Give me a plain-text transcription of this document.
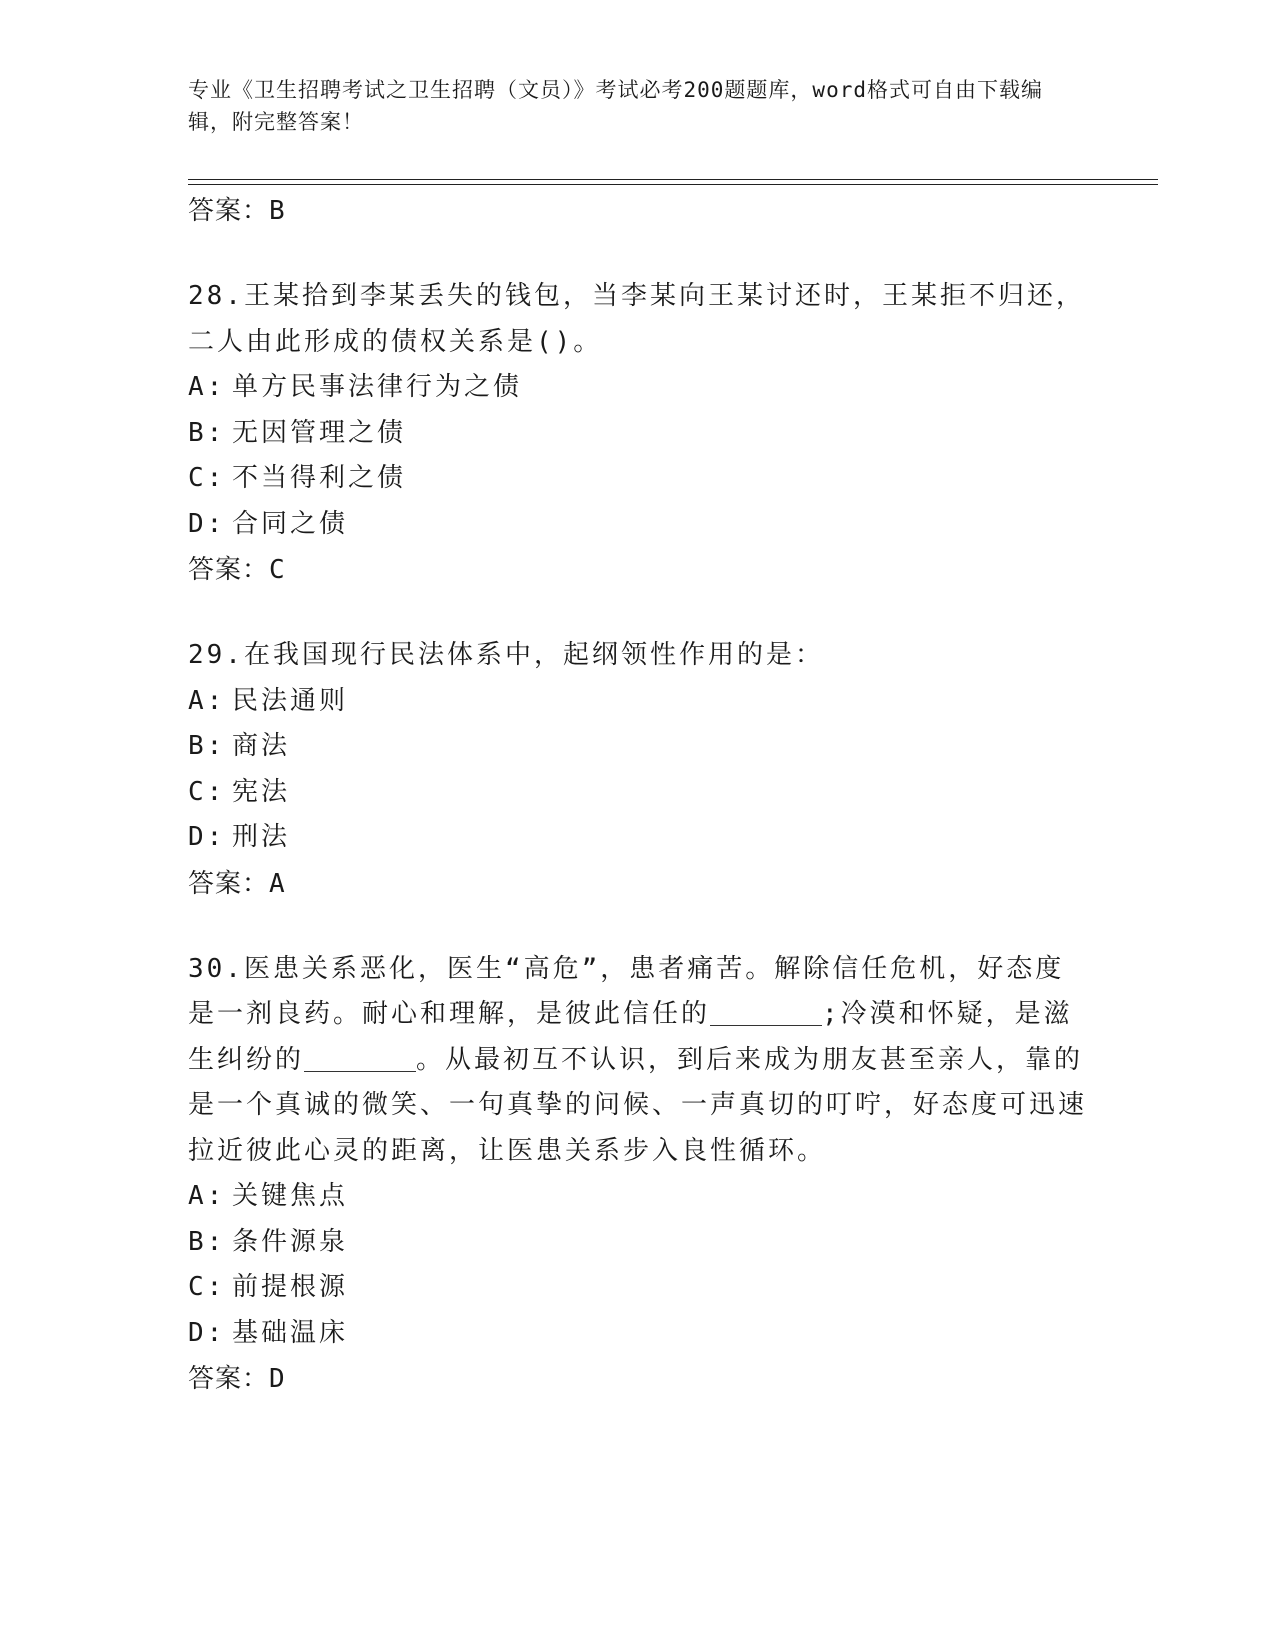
专业《卫生招聘考试之卫生招聘（文员）》考试必考200题题库，word格式可自由下载编辑，附完整答案！
答案：B
28.王某拾到李某丢失的钱包，当李某向王某讨还时，王某拒不归还，二人由此形成的债权关系是()。
A: 单方民事法律行为之债
B: 无因管理之债
C: 不当得利之债
D: 合同之债
答案：C
29.在我国现行民法体系中，起纲领性作用的是：
A: 民法通则
B: 商法
C: 宪法
D: 刑法
答案：A
30.医患关系恶化，医生“高危”，患者痛苦。解除信任危机，好态度是一剂良药。耐心和理解，是彼此信任的	;冷漠和怀疑，是滋生纠纷的	。从最初互不认识，到后来成为朋友甚至亲人，靠的是一个真诚的微笑、一句真挚的问候、一声真切的叮咛，好态度可迅速拉近彼此心灵的距离，让医患关系步入良性循环。
A: 关键焦点
B: 条件源泉
C: 前提根源
D: 基础温床
答案：D
